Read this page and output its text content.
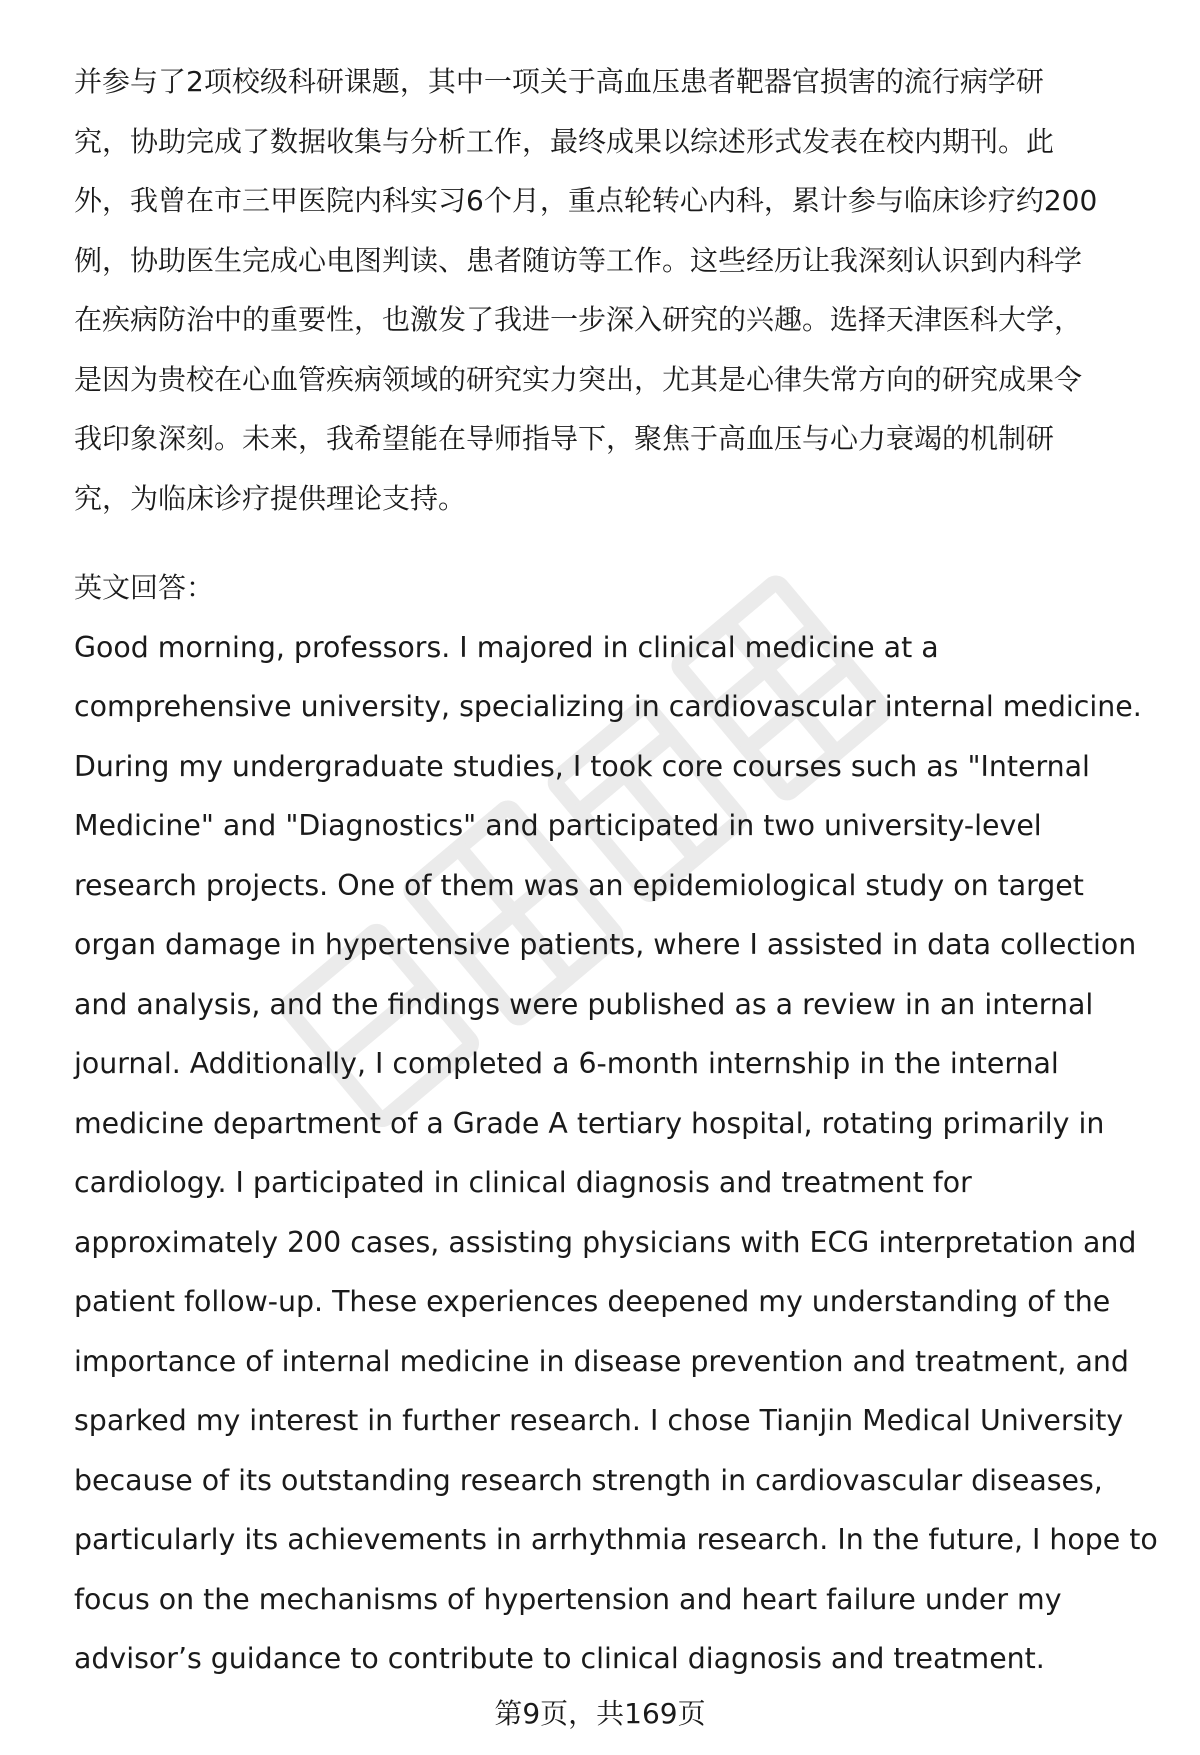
并参与了2项校级科研课题，其中一项关于高血压患者靶器官损害的流行病学研
究，协助完成了数据收集与分析工作，最终成果以综述形式发表在校内期刊。此
外，我曾在市三甲医院内科实习6个月，重点轮转心内科，累计参与临床诊疗约200
例，协助医生完成心电图判读、患者随访等工作。这些经历让我深刻认识到内科学
在疾病防治中的重要性，也激发了我进一步深入研究的兴趣。选择天津医科大学，
是因为贵校在心血管疾病领域的研究实力突出，尤其是心律失常方向的研究成果令
我印象深刻。未来，我希望能在导师指导下，聚焦于高血压与心力衰竭的机制研
究，为临床诊疗提供理论支持。
英文回答：
Good morning, professors. I majored in clinical medicine at a
comprehensive university, specializing in cardiovascular internal medicine.
During my undergraduate studies, I took core courses such as "Internal
Medicine" and "Diagnostics" and participated in two university-level
research projects. One of them was an epidemiological study on target
organ damage in hypertensive patients, where I assisted in data collection
and analysis, and the findings were published as a review in an internal
journal. Additionally, I completed a 6-month internship in the internal
medicine department of a Grade A tertiary hospital, rotating primarily in
cardiology. I participated in clinical diagnosis and treatment for
approximately 200 cases, assisting physicians with ECG interpretation and
patient follow-up. These experiences deepened my understanding of the
importance of internal medicine in disease prevention and treatment, and
sparked my interest in further research. I chose Tianjin Medical University
because of its outstanding research strength in cardiovascular diseases,
particularly its achievements in arrhythmia research. In the future, I hope to
focus on the mechanisms of hypertension and heart failure under my
advisor’s guidance to contribute to clinical diagnosis and treatment.
第9页，共169页
